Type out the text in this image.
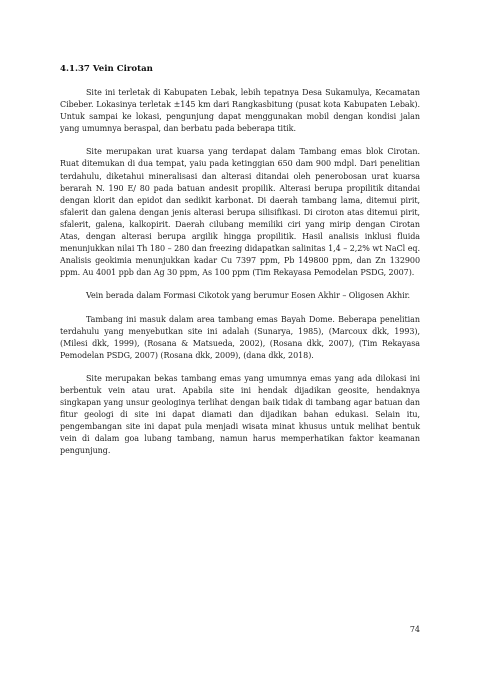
4.1.37 Vein Cirotan

Site ini terletak di Kabupaten Lebak, lebih tepatnya Desa Sukamulya, Kecamatan Cibeber. Lokasinya terletak ±145 km dari Rangkasbitung (pusat kota Kabupaten Lebak). Untuk sampai ke lokasi, pengunjung dapat menggunakan mobil dengan kondisi jalan yang umumnya beraspal, dan berbatu pada beberapa titik.

Site merupakan urat kuarsa yang terdapat dalam Tambang emas blok Cirotan. Ruat ditemukan di dua tempat, yaiu pada ketinggian 650 dam 900 mdpl. Dari penelitian terdahulu, diketahui mineralisasi dan alterasi ditandai oleh penerobosan urat kuarsa berarah N. 190 E/ 80 pada batuan andesit propilik. Alterasi berupa propilitik ditandai dengan klorit dan epidot dan sedikit karbonat. Di daerah tambang lama, ditemui pirit, sfalerit dan galena dengan jenis alterasi berupa silisifikasi. Di ciroton atas ditemui pirit, sfalerit, galena, kalkopirit. Daerah cilubang memiliki ciri yang mirip dengan Cirotan Atas, dengan alterasi berupa argilik hingga propilitik. Hasil analisis inklusi fluida menunjukkan nilai Th 180 – 280 dan freezing didapatkan salinitas 1,4 – 2,2% wt NaCl eq. Analisis geokimia menunjukkan kadar Cu 7397 ppm, Pb 149800 ppm, dan Zn 132900 ppm. Au 4001 ppb dan Ag 30 ppm, As 100 ppm (Tim Rekayasa Pemodelan PSDG, 2007).

Vein berada dalam Formasi Cikotok yang berumur Eosen Akhir – Oligosen Akhir.

Tambang ini masuk dalam area tambang emas Bayah Dome. Beberapa penelitian terdahulu yang menyebutkan site ini adalah (Sunarya, 1985), (Marcoux dkk, 1993), (Milesi dkk, 1999), (Rosana & Matsueda, 2002), (Rosana dkk, 2007), (Tim Rekayasa Pemodelan PSDG, 2007) (Rosana dkk, 2009), (dana dkk, 2018).

Site merupakan bekas tambang emas yang umumnya emas yang ada dilokasi ini berbentuk vein atau urat. Apabila site ini hendak dijadikan geosite, hendaknya singkapan yang unsur geologinya terlihat dengan baik tidak di tambang agar batuan dan fitur geologi di site ini dapat diamati dan dijadikan bahan edukasi. Selain itu, pengembangan site ini dapat pula menjadi wisata minat khusus untuk melihat bentuk vein di dalam goa lubang tambang, namun harus memperhatikan faktor keamanan pengunjung.

74
